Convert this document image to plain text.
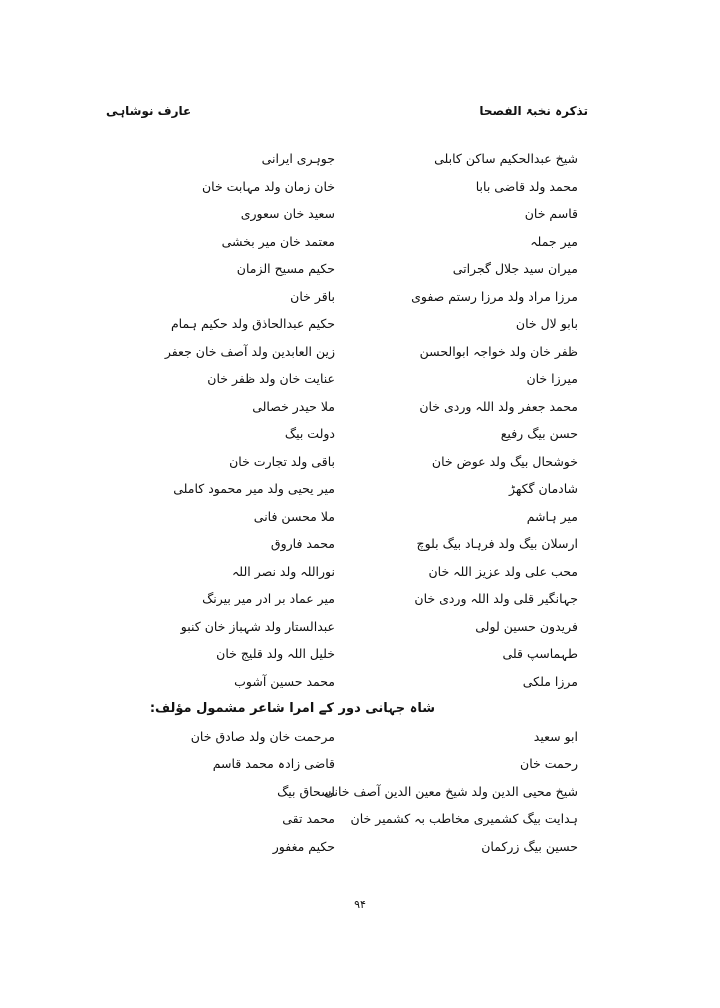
تذکرہ نخبۃ الفصحا
عارف نوشاہی
شیخ عبدالحکیم ساکن کابلی
جوہری ایرانی
محمد ولد قاضی بابا
خان زمان ولد مہابت خان
قاسم خان
سعید خان سعوری
میر جملہ
معتمد خان میر بخشی
میران سید جلال گجراتی
حکیم مسیح الزمان
مرزا مراد ولد مرزا رستم صفوی
باقر خان
بابو لال خان
حکیم عبدالحاذق ولد حکیم ہمام
ظفر خان ولد خواجہ ابوالحسن
زین العابدین ولد آصف خان جعفر
میرزا خان
عنایت خان ولد ظفر خان
محمد جعفر ولد اللہ وردی خان
ملا حیدر خصالی
حسن بیگ رفیع
دولت بیگ
خوشحال بیگ ولد عوض خان
باقی ولد تجارت خان
شادمان گکھڑ
میر یحیی ولد میر محمود کاملی
میر ہاشم
ملا محسن فانی
ارسلان بیگ ولد فرہاد بیگ بلوچ
محمد فاروق
محب علی ولد عزیز اللہ خان
نوراللہ ولد نصر اللہ
جہانگیر قلی ولد اللہ وردی خان
میر عماد بر ادر میر بیرنگ
فریدون حسین لولی
عبدالستار ولد شہباز خان کنبو
طہماسپ قلی
خلیل اللہ ولد قلیج خان
مرزا ملکی
محمد حسین آشوب
شاہ جہانی دور کے امرا شاعر مشمول مؤلف:
ابو سعید
مرحمت خان ولد صادق خان
رحمت خان
قاضی زادہ محمد قاسم
شیخ محیی الدین ولد شیخ معین الدین آصف خانی
اسحاق بیگ
ہدایت بیگ کشمیری مخاطب بہ کشمیر خان
محمد تقی
حسین بیگ زرکمان
حکیم مغفور
۹۴
